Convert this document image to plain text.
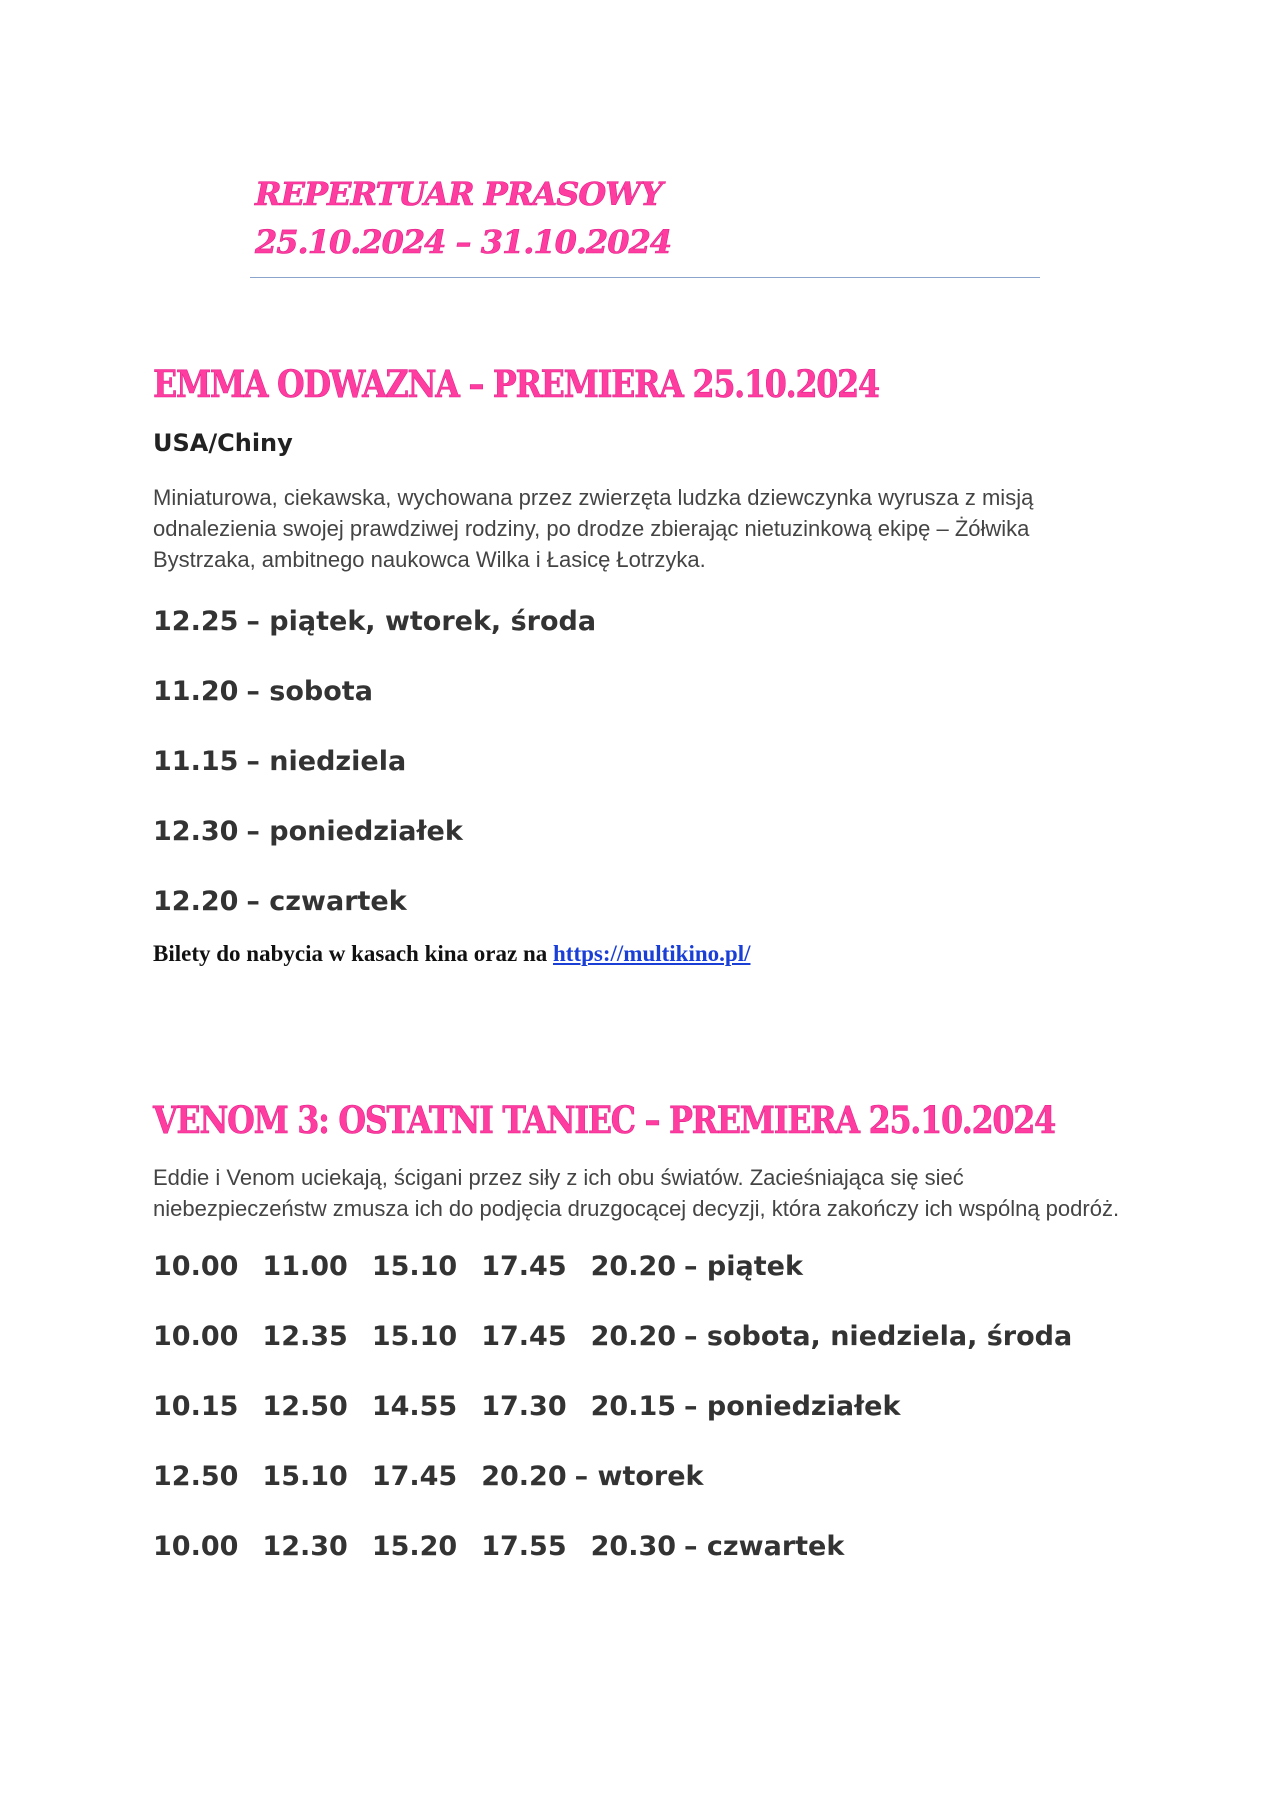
REPERTUAR PRASOWY
25.10.2024 – 31.10.2024
EMMA ODWAZNA – PREMIERA 25.10.2024
USA/Chiny
Miniaturowa, ciekawska, wychowana przez zwierzęta ludzka dziewczynka wyrusza z misją odnalezienia swojej prawdziwej rodziny, po drodze zbierając nietuzinkową ekipę – Żółwika Bystrzaka, ambitnego naukowca Wilka i Łasicę Łotrzyka.
12.25 – piątek, wtorek, środa
11.20 – sobota
11.15 – niedziela
12.30 – poniedziałek
12.20 – czwartek
Bilety do nabycia w kasach kina oraz na https://multikino.pl/
VENOM 3: OSTATNI TANIEC – PREMIERA 25.10.2024
Eddie i Venom uciekają, ścigani przez siły z ich obu światów. Zacieśniająca się sieć niebezpieczeństw zmusza ich do podjęcia druzgocącej decyzji, która zakończy ich wspólną podróż.
10.00 11.00 15.10 17.45 20.20 – piątek
10.00 12.35 15.10 17.45 20.20 – sobota, niedziela, środa
10.15 12.50 14.55 17.30 20.15 – poniedziałek
12.50 15.10 17.45 20.20 – wtorek
10.00 12.30 15.20 17.55 20.30 – czwartek
